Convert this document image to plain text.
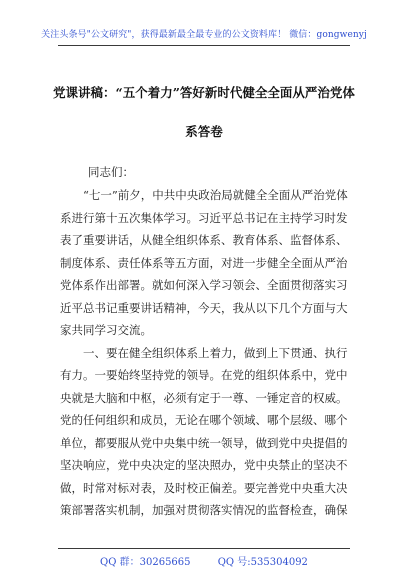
关注头条号"公文研究"，获得最新最全最专业的公文资料库！ 微信：gongwenyj
党课讲稿：“五个着力”答好新时代健全全面从严治党体
系答卷
同志们：

　　“七一”前夕，中共中央政治局就健全全面从严治党体

系进行第十五次集体学习。习近平总书记在主持学习时发

表了重要讲话，从健全组织体系、教育体系、监督体系、

制度体系、责任体系等五方面，对进一步健全全面从严治

党体系作出部署。就如何深入学习领会、全面贯彻落实习

近平总书记重要讲话精神，今天，我从以下几个方面与大

家共同学习交流。

　　一、要在健全组织体系上着力，做到上下贯通、执行

有力。一要始终坚持党的领导。在党的组织体系中，党中

央就是大脑和中枢，必须有定于一尊、一锤定音的权威。

党的任何组织和成员，无论在哪个领域、哪个层级、哪个

单位，都要服从党中央集中统一领导，做到党中央提倡的

坚决响应，党中央决定的坚决照办，党中央禁止的坚决不

做，时常对标对表，及时校正偏差。要完善党中央重大决

策部署落实机制，加强对贯彻落实情况的监督检查，确保

QQ 群：30265665	QQ 号:535304092
